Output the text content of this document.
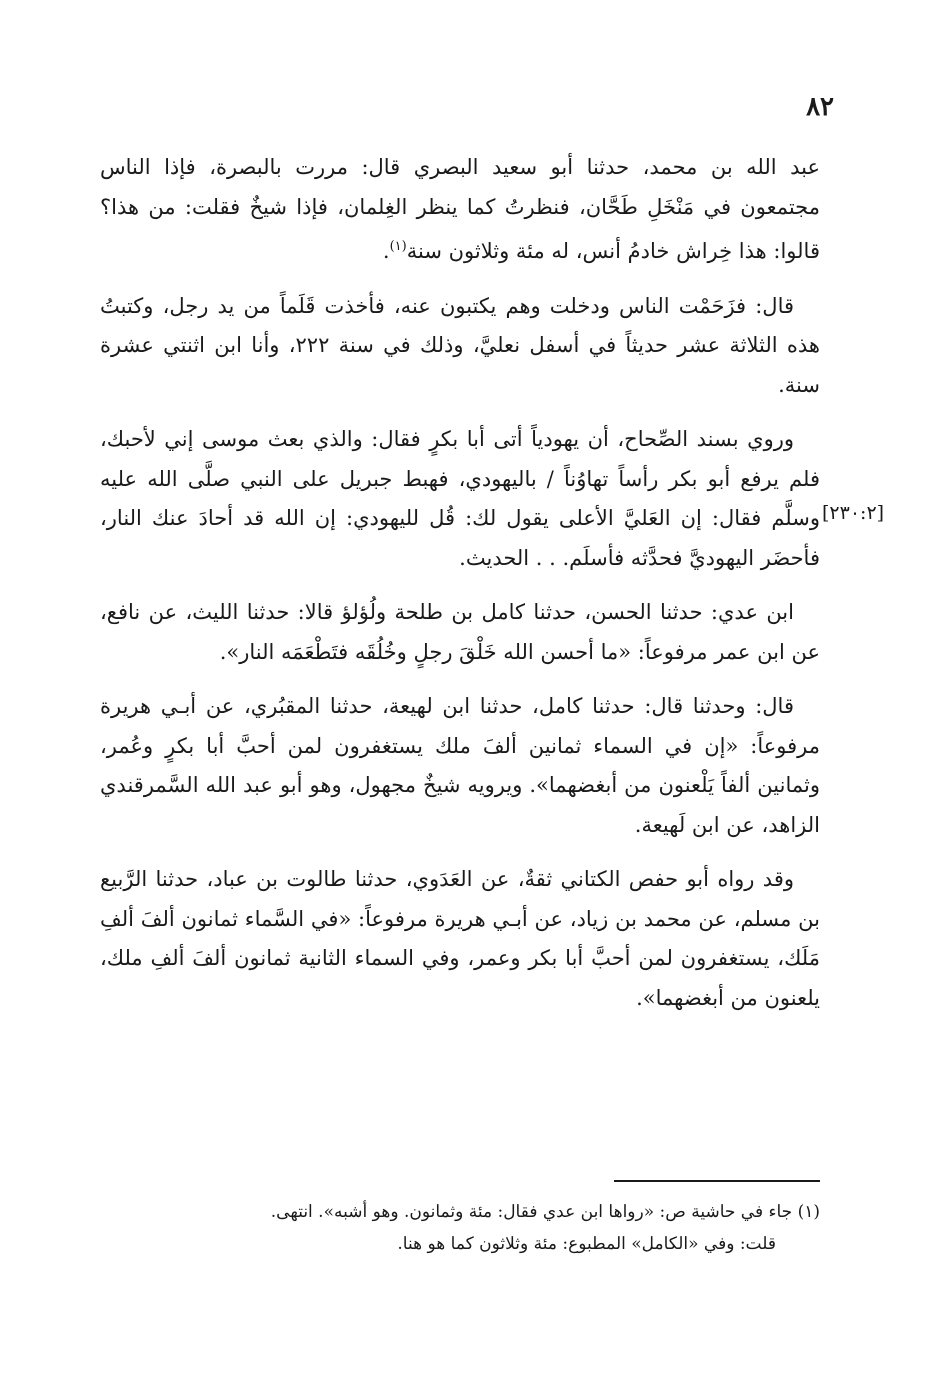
٨٢
[٢٣٠:٢]

عبد الله بن محمد، حدثنا أبو سعيد البصري قال: مررت بالبصرة، فإذا الناس مجتمعون في مَنْخَلِ طَحَّان، فنظرتُ كما ينظر الغِلمان، فإذا شيخٌ فقلت: من هذا؟ قالوا: هذا خِراش خادمُ أنس، له مئة وثلاثون سنة$^{(١)}$.

قال: فزَحَمْت الناس ودخلت وهم يكتبون عنه، فأخذت قَلَماً من يد رجل، وكتبتُ هذه الثلاثة عشر حديثاً في أسفل نعليَّ، وذلك في سنة ٢٢٢، وأنا ابن اثنتي عشرة سنة.

وروي بسند الصِّحاح، أن يهودياً أتى أبا بكرٍ فقال: والذي بعث موسى إني لأحبك، فلم يرفع أبو بكر رأساً تهاوُناً / باليهودي، فهبط جبريل على النبي صلَّى الله عليه وسلَّم فقال: إن العَليَّ الأعلى يقول لك: قُل لليهودي: إن الله قد أحادَ عنك النار، فأحضَر اليهوديَّ فحدَّثه فأسلَم. . . الحديث.

ابن عدي: حدثنا الحسن، حدثنا كامل بن طلحة ولُؤلؤ قالا: حدثنا الليث، عن نافع، عن ابن عمر مرفوعاً: «ما أحسن الله خَلْقَ رجلٍ وخُلُقَه فتَطْعَمَه النار».

قال: وحدثنا قال: حدثنا كامل، حدثنا ابن لهيعة، حدثنا المقبُري، عن أبـي هريرة مرفوعاً: «إن في السماء ثمانين ألفَ ملك يستغفرون لمن أحبَّ أبا بكرٍ وعُمر، وثمانين ألفاً يَلْعنون من أبغضهما». ويرويه شيخٌ مجهول، وهو أبو عبد الله السَّمرقندي الزاهد، عن ابن لَهيعة.

وقد رواه أبو حفص الكتاني ثقةٌ، عن العَدَوي، حدثنا طالوت بن عباد، حدثنا الرَّبيع بن مسلم، عن محمد بن زياد، عن أبـي هريرة مرفوعاً: «في السَّماء ثمانون ألفَ ألفِ مَلَك، يستغفرون لمن أحبَّ أبا بكر وعمر، وفي السماء الثانية ثمانون ألفَ ألفِ ملك، يلعنون من أبغضهما».

(١) جاء في حاشية ص: «رواها ابن عدي فقال: مئة وثمانون. وهو أشبه». انتهى.

قلت: وفي «الكامل» المطبوع: مئة وثلاثون كما هو هنا.
